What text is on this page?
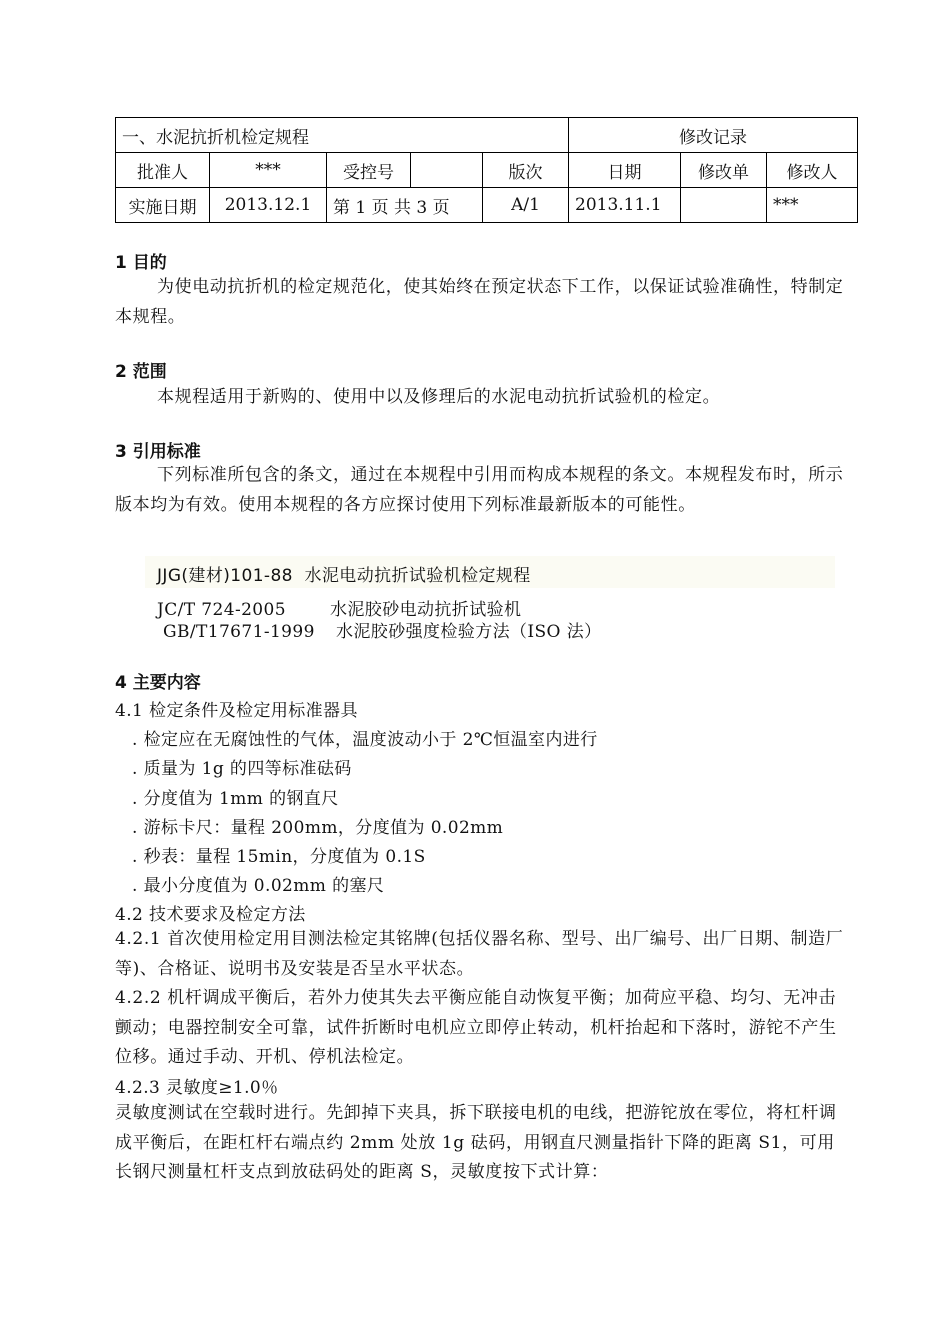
一、水泥抗折机检定规程					修改记录		
批准人	***	受控号		版次	日期	修改单	修改人
实施日期	2013.12.1	第 1 页 共 3 页		A/1	2013.11.1		***
1 目的
为使电动抗折机的检定规范化，使其始终在预定状态下工作，以保证试验准确性，特制定本规程。
2 范围
本规程适用于新购的、使用中以及修理后的水泥电动抗折试验机的检定。
3 引用标准
下列标准所包含的条文，通过在本规程中引用而构成本规程的条文。本规程发布时，所示版本均为有效。使用本规程的各方应探讨使用下列标准最新版本的可能性。
JJG(建材)101-88 水泥电动抗折试验机检定规程
JC/T 724-2005	水泥胶砂电动抗折试验机
GB/T17671-1999 水泥胶砂强度检验方法（ISO 法）
4 主要内容
4.1 检定条件及检定用标准器具
. 检定应在无腐蚀性的气体，温度波动小于 2℃恒温室内进行
. 质量为 1g 的四等标准砝码
. 分度值为 1mm 的钢直尺
. 游标卡尺：量程 200mm，分度值为 0.02mm
. 秒表：量程 15min，分度值为 0.1S
. 最小分度值为 0.02mm 的塞尺
4.2 技术要求及检定方法
4.2.1 首次使用检定用目测法检定其铭牌(包括仪器名称、型号、出厂编号、出厂日期、制造厂等)、合格证、说明书及安装是否呈水平状态。
4.2.2 机杆调成平衡后，若外力使其失去平衡应能自动恢复平衡；加荷应平稳、均匀、无冲击颤动；电器控制安全可靠，试件折断时电机应立即停止转动，机杆抬起和下落时，游铊不产生位移。通过手动、开机、停机法检定。
4.2.3 灵敏度≥1.0％
灵敏度测试在空载时进行。先卸掉下夹具，拆下联接电机的电线，把游铊放在零位，将杠杆调成平衡后，在距杠杆右端点约 2mm 处放 1g 砝码，用钢直尺测量指针下降的距离 S1，可用长钢尺测量杠杆支点到放砝码处的距离 S，灵敏度按下式计算：
